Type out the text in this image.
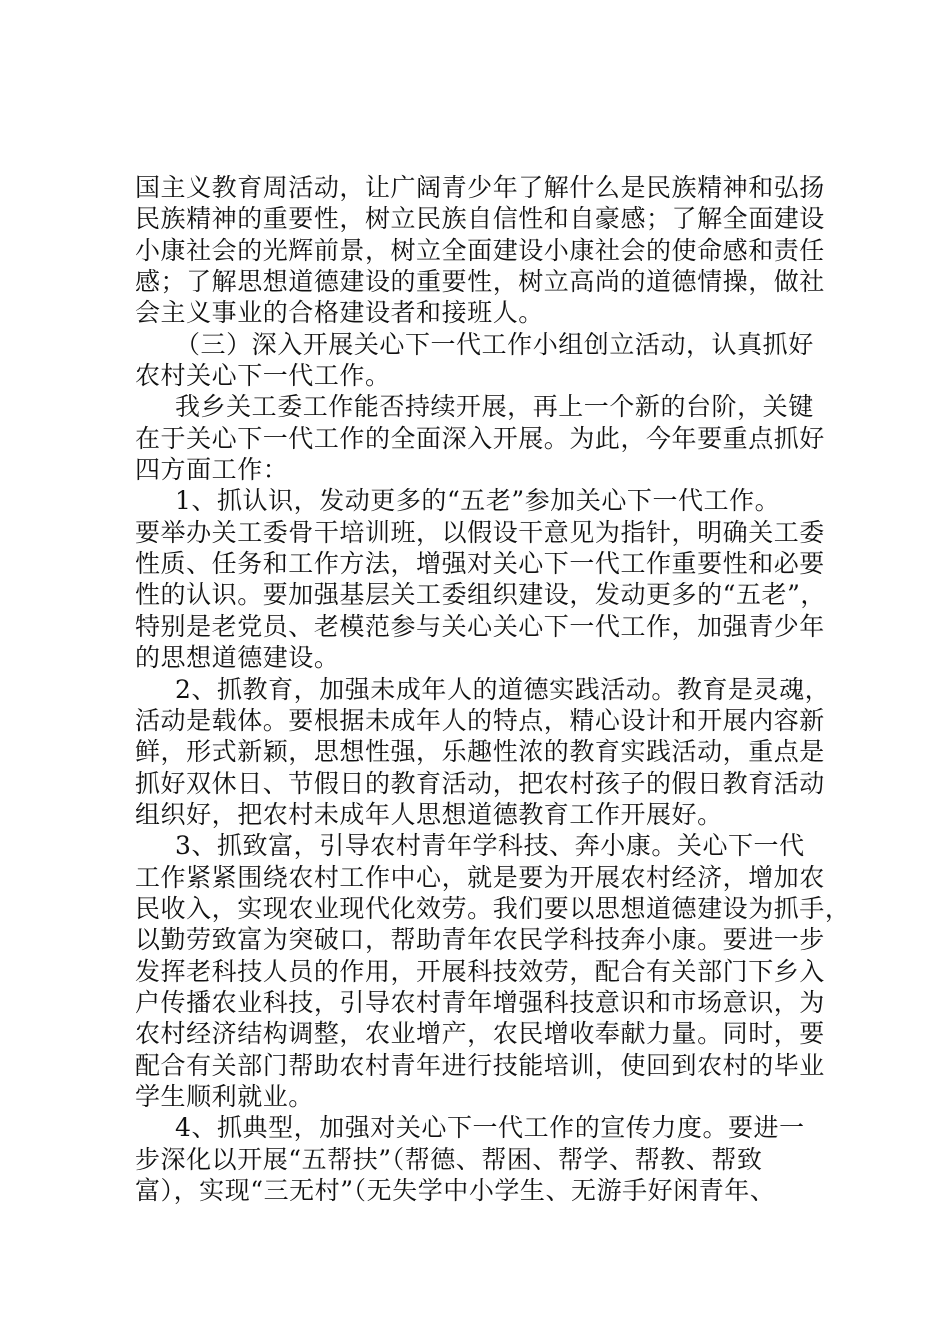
国主义教育周活动，让广阔青少年了解什么是民族精神和弘扬
民族精神的重要性，树立民族自信性和自豪感；了解全面建设
小康社会的光辉前景，树立全面建设小康社会的使命感和责任
感；了解思想道德建设的重要性，树立高尚的道德情操，做社
会主义事业的合格建设者和接班人。
（三）深入开展关心下一代工作小组创立活动，认真抓好
农村关心下一代工作。
我乡关工委工作能否持续开展，再上一个新的台阶，关键
在于关心下一代工作的全面深入开展。为此，今年要重点抓好
四方面工作：
1、抓认识，发动更多的“五老”参加关心下一代工作。
要举办关工委骨干培训班，以假设干意见为指针，明确关工委
性质、任务和工作方法，增强对关心下一代工作重要性和必要
性的认识。要加强基层关工委组织建设，发动更多的“五老”，
特别是老党员、老模范参与关心关心下一代工作，加强青少年
的思想道德建设。
2、抓教育，加强未成年人的道德实践活动。教育是灵魂，
活动是载体。要根据未成年人的特点，精心设计和开展内容新
鲜，形式新颖，思想性强，乐趣性浓的教育实践活动，重点是
抓好双休日、节假日的教育活动，把农村孩子的假日教育活动
组织好，把农村未成年人思想道德教育工作开展好。
3、抓致富，引导农村青年学科技、奔小康。关心下一代
工作紧紧围绕农村工作中心，就是要为开展农村经济，增加农
民收入，实现农业现代化效劳。我们要以思想道德建设为抓手，
以勤劳致富为突破口，帮助青年农民学科技奔小康。要进一步
发挥老科技人员的作用，开展科技效劳，配合有关部门下乡入
户传播农业科技，引导农村青年增强科技意识和市场意识，为
农村经济结构调整，农业增产，农民增收奉献力量。同时，要
配合有关部门帮助农村青年进行技能培训，使回到农村的毕业
学生顺利就业。
4、抓典型，加强对关心下一代工作的宣传力度。要进一
步深化以开展“五帮扶”（帮德、帮困、帮学、帮教、帮致
富），实现“三无村”（无失学中小学生、无游手好闲青年、
